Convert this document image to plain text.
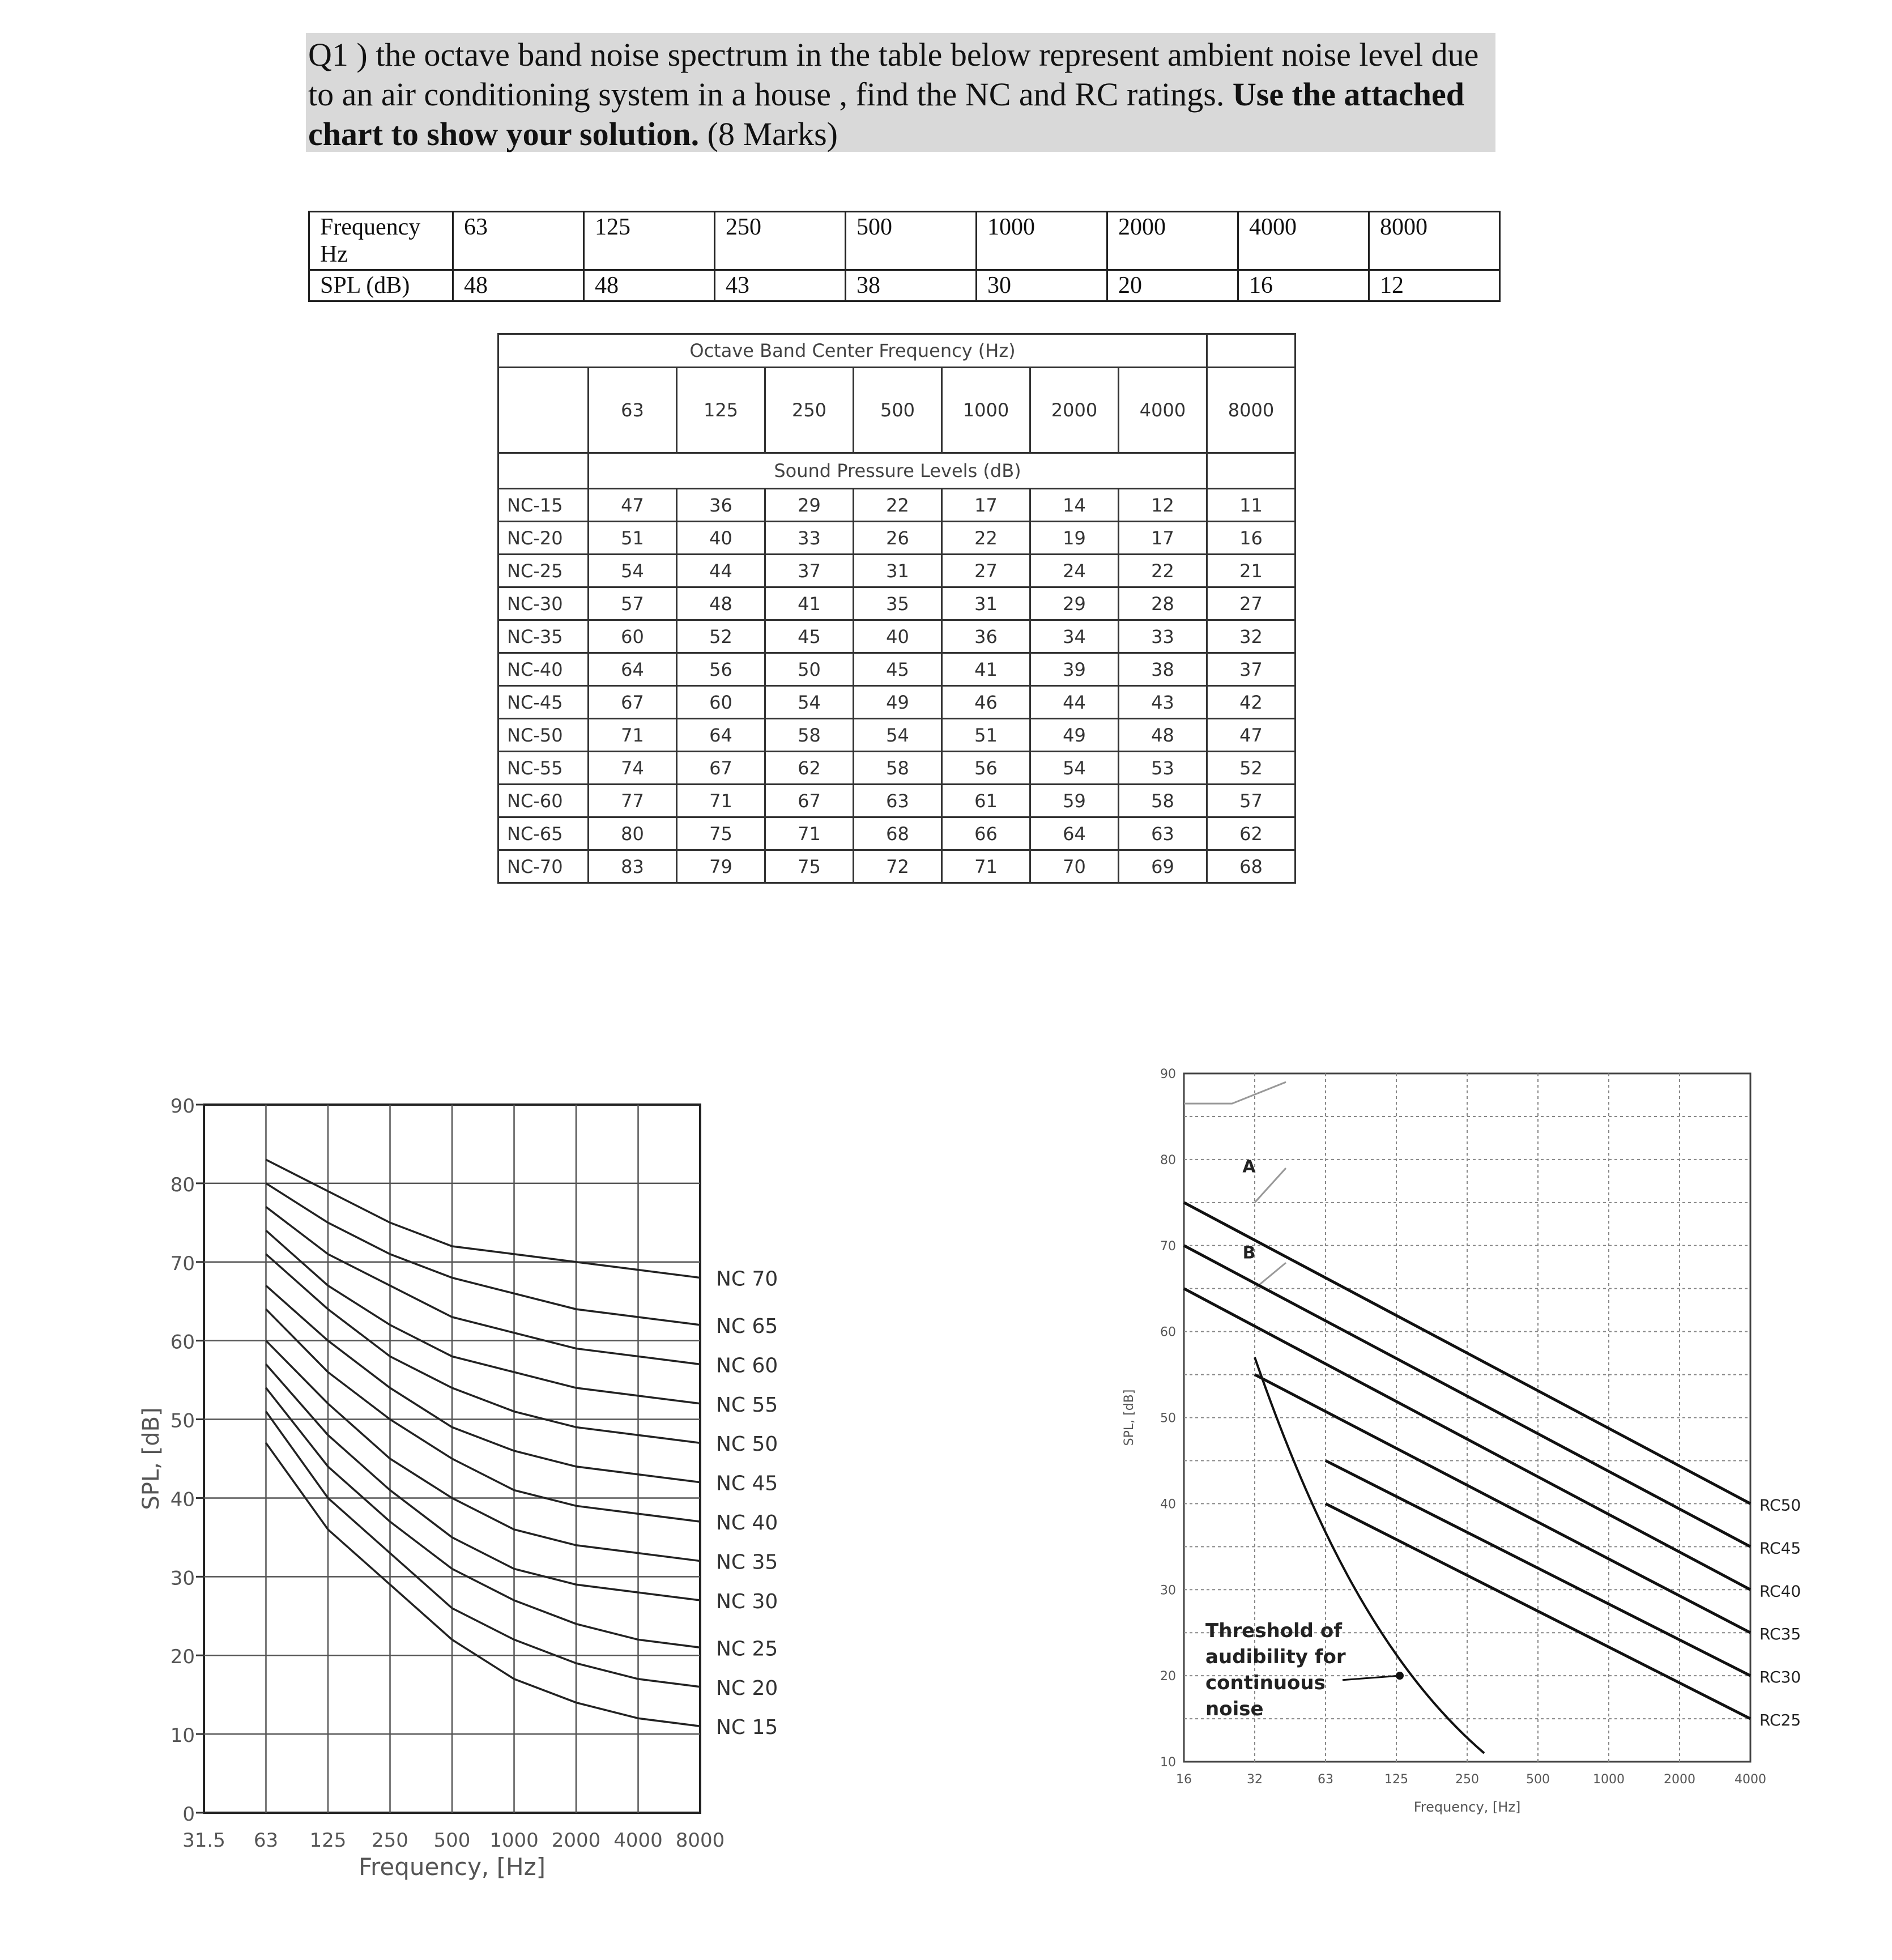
Q1 ) the octave band noise spectrum in the table below represent ambient noise level due to an air conditioning system in a house , find the NC and RC ratings. Use the attached chart to show your solution. (8 Marks)
Frequency
Hz	63	125	250	500	1000	2000	4000	8000
SPL (dB)	48	48	43	38	30	20	16	12
Octave Band Center Frequency (Hz)								
	63	125	250	500	1000	2000	4000	8000
	Sound Pressure Levels (dB)							
NC-15	47	36	29	22	17	14	12	11
NC-20	51	40	33	26	22	19	17	16
NC-25	54	44	37	31	27	24	22	21
NC-30	57	48	41	35	31	29	28	27
NC-35	60	52	45	40	36	34	33	32
NC-40	64	56	50	45	41	39	38	37
NC-45	67	60	54	49	46	44	43	42
NC-50	71	64	58	54	51	49	48	47
NC-55	74	67	62	58	56	54	53	52
NC-60	77	71	67	63	61	59	58	57
NC-65	80	75	71	68	66	64	63	62
NC-70	83	79	75	72	71	70	69	68
0
10
20
30
40
50
60
70
80
90
31.5 63 125 250 500 1000 2000 4000 8000
Frequency, [Hz]
SPL, [dB]
NC 70
NC 65
NC 60
NC 55
NC 50
NC 45
NC 40
NC 35
NC 30
NC 25
NC 20
NC 15
16	32	63	125	250	500	1000	2000	4000
10
20
30
40
50
60
70
80
90
Frequency, [Hz]
SPL, [dB]
A
B
RC50
RC45
RC40
RC35
RC30
RC25
Threshold of
audibility for
continuous
noise
